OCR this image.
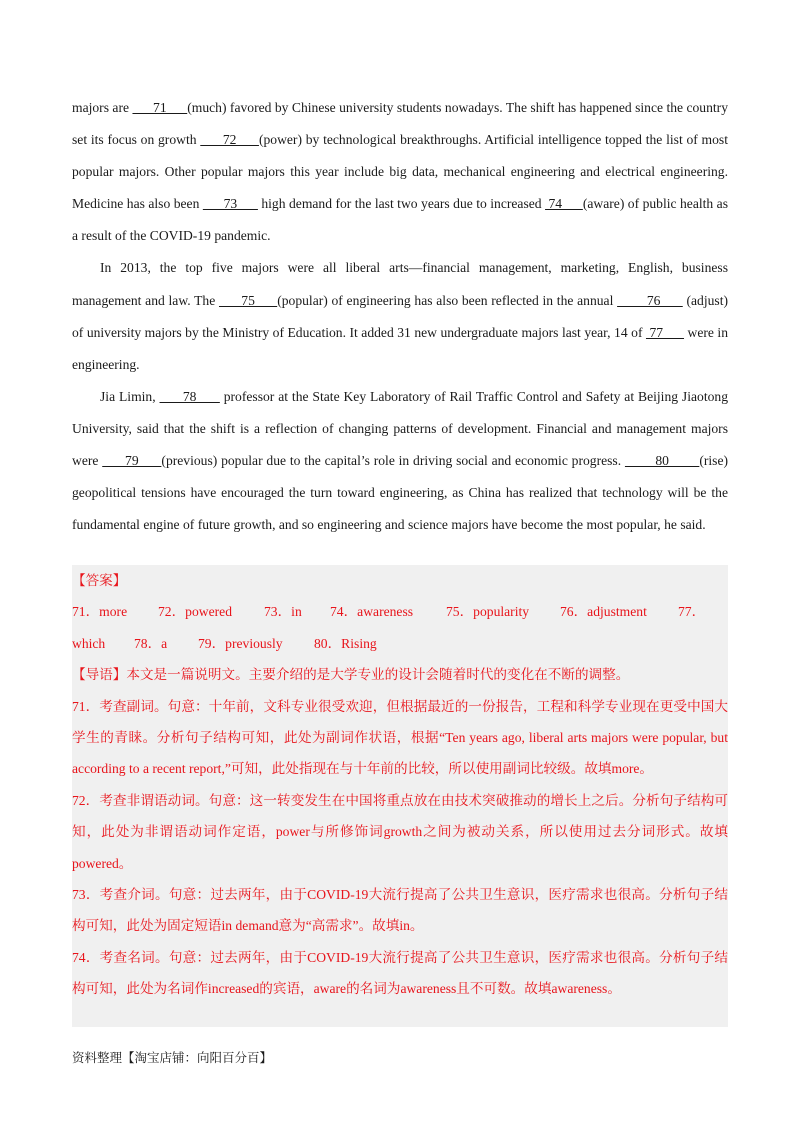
majors are       71      (much) favored by Chinese university students nowadays. The shift has happened since the country set its focus on growth       72      (power) by technological breakthroughs. Artificial intelligence topped the list of most popular majors. Other popular majors this year include big data, mechanical engineering and electrical engineering. Medicine has also been       73       high demand for the last two years due to increased  74      (aware) of public health as a result of the COVID-19 pandemic.

In 2013, the top five majors were all liberal arts—financial management, marketing, English, business management and law. The       75      (popular) of engineering has also been reflected in the annual         76       (adjust) of university majors by the Ministry of Education. It added 31 new undergraduate majors last year, 14 of  77       were in engineering.

Jia Limin,       78       professor at the State Key Laboratory of Rail Traffic Control and Safety at Beijing Jiaotong University, said that the shift is a reflection of changing patterns of development. Financial and management majors were       79      (previous) popular due to the capital’s role in driving social and economic progress.         80        (rise) geopolitical tensions have encouraged the turn toward engineering, as China has realized that technology will be the fundamental engine of future growth, and so engineering and science majors have become the most popular, he said.

【答案】
71．more 72．powered 73．in 74．awareness 75．popularity 76．adjustment 77．
which 78．a 79．previously 80．Rising

【导语】本文是一篇说明文。主要介绍的是大学专业的设计会随着时代的变化在不断的调整。

71．考查副词。句意：十年前，文科专业很受欢迎，但根据最近的一份报告，工程和科学专业现在更受中国大学生的青睐。分析句子结构可知，此处为副词作状语，根据“Ten years ago, liberal arts majors were popular, but according to a recent report,”可知，此处指现在与十年前的比较，所以使用副词比较级。故填more。

72．考查非谓语动词。句意：这一转变发生在中国将重点放在由技术突破推动的增长上之后。分析句子结构可知，此处为非谓语动词作定语，power与所修饰词growth之间为被动关系，所以使用过去分词形式。故填powered。

73．考查介词。句意：过去两年，由于COVID-19大流行提高了公共卫生意识，医疗需求也很高。分析句子结构可知，此处为固定短语in demand意为“高需求”。故填in。

74．考查名词。句意：过去两年，由于COVID-19大流行提高了公共卫生意识，医疗需求也很高。分析句子结构可知，此处为名词作increased的宾语，aware的名词为awareness且不可数。故填awareness。

资料整理【淘宝店铺：向阳百分百】
